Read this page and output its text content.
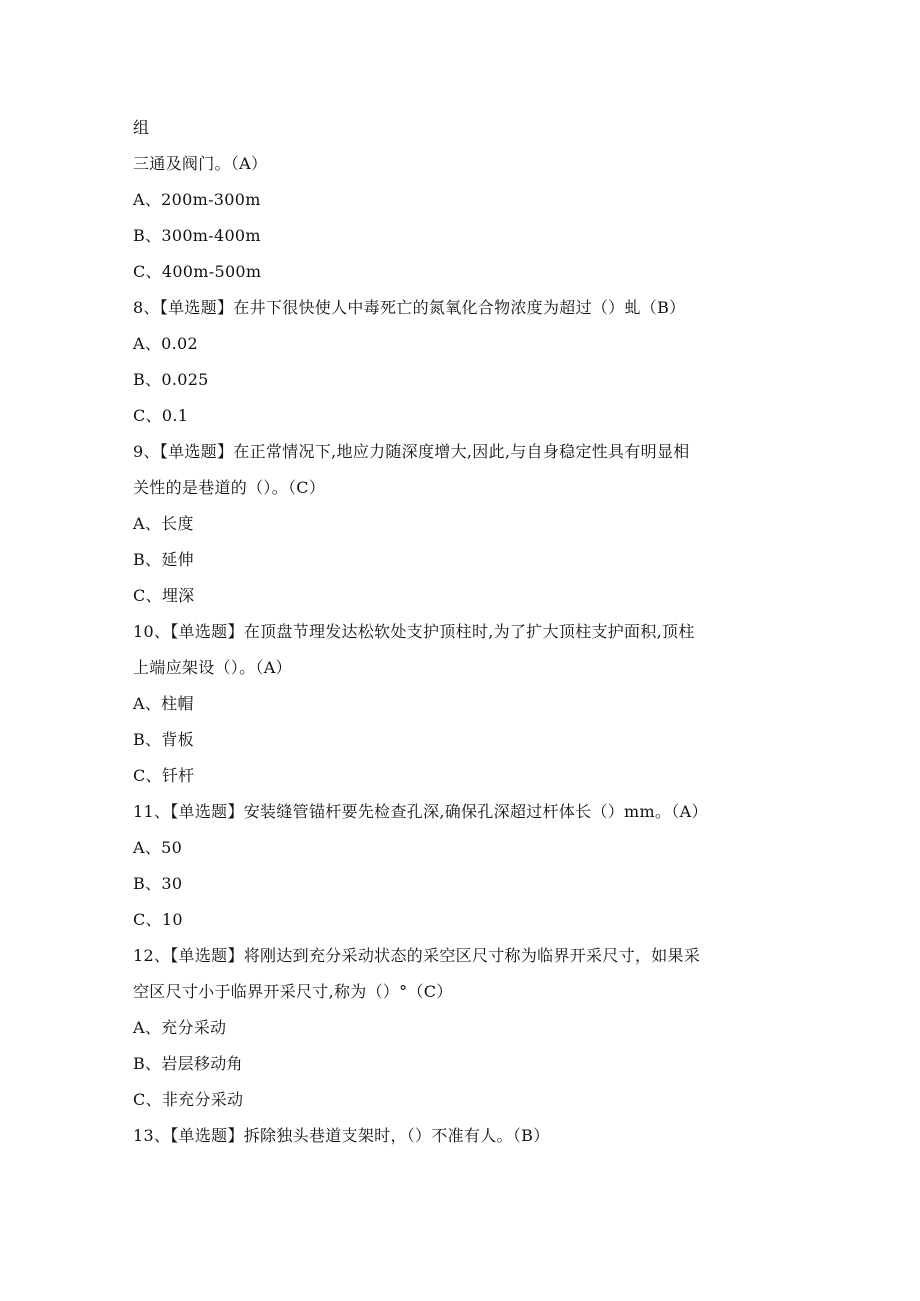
组
三通及阀门。（A）
A、200m-300m
B、300m-400m
C、400m-500m
8、【单选题】在井下很快使人中毒死亡的氮氧化合物浓度为超过（）虬（B）
A、0.02
B、0.025
C、0.1
9、【单选题】在正常情况下,地应力随深度增大,因此,与自身稳定性具有明显相
关性的是巷道的（）。（C）
A、长度
B、延伸
C、埋深
10、【单选题】在顶盘节理发达松软处支护顶柱时,为了扩大顶柱支护面积,顶柱
上端应架设（）。（A）
A、柱帽
B、背板
C、钎杆
11、【单选题】安装缝管锚杆要先检查孔深,确保孔深超过杆体长（）mm。（A）
A、50
B、30
C、10
12、【单选题】将刚达到充分采动状态的采空区尺寸称为临界开采尺寸，如果采
空区尺寸小于临界开采尺寸,称为（）°（C）
A、充分采动
B、岩层移动角
C、非充分采动
13、【单选题】拆除独头巷道支架时，（）不准有人。（B）
